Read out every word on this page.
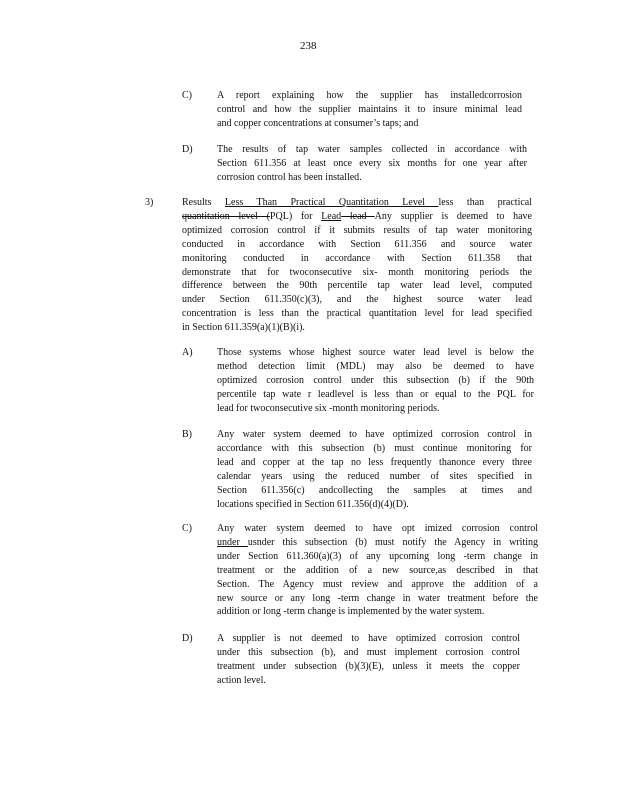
238
C)	A report explaining how the supplier has installedcorrosion
control and how the supplier maintains it to insure minimal lead
and copper concentrations at consumer’s taps; and
D) The results of tap water samples collected in accordance with
Section 611.356 at least once every six months for one year after
corrosion control has been installed.
3)	Results Less Than Practical Quantitation Level less than practical
quantitation level (PQL) for Lead lead Any supplier is deemed to have
optimized corrosion control if it submits results of tap water monitoring
conducted in accordance with Section 611.356 and source water
monitoring conducted in accordance with Section 611.358 that
demonstrate that for twoconsecutive six- month monitoring periods the
difference between the 90th percentile tap water lead level, computed
under Section 611.350(c)(3), and the highest source water lead
concentration is less than the practical quantitation level for lead specified
in Section 611.359(a)(1)(B)(i).
A) Those systems whose highest source water lead level is below the
method detection limit (MDL) may also be deemed to have
optimized corrosion control under this subsection (b) if the 90th
percentile tap wate r leadlevel is less than or equal to the PQL for
lead for twoconsecutive six -month monitoring periods.
B)	Any water system deemed to have optimized corrosion control in
accordance with this subsection (b) must continue monitoring for
lead and copper at the tap no less frequently thanonce every three
calendar years using the reduced number of sites specified in
Section 611.356(c) andcollecting the samples at times and
locations specified in Section 611.356(d)(4)(D).
C)	Any water system deemed to have opt imized corrosion control
under usnder this subsection (b) must notify the Agency in writing
under Section 611.360(a)(3) of any upcoming long -term change in
treatment or the addition of a new source,as described in that
Section. The Agency must review and approve the addition of a
new source or any long -term change in water treatment before the
addition or long -term change is implemented by the water system.
D) A supplier is not deemed to have optimized corrosion control
under this subsection (b), and must implement corrosion control
treatment under subsection (b)(3)(E), unless it meets the copper
action level.
